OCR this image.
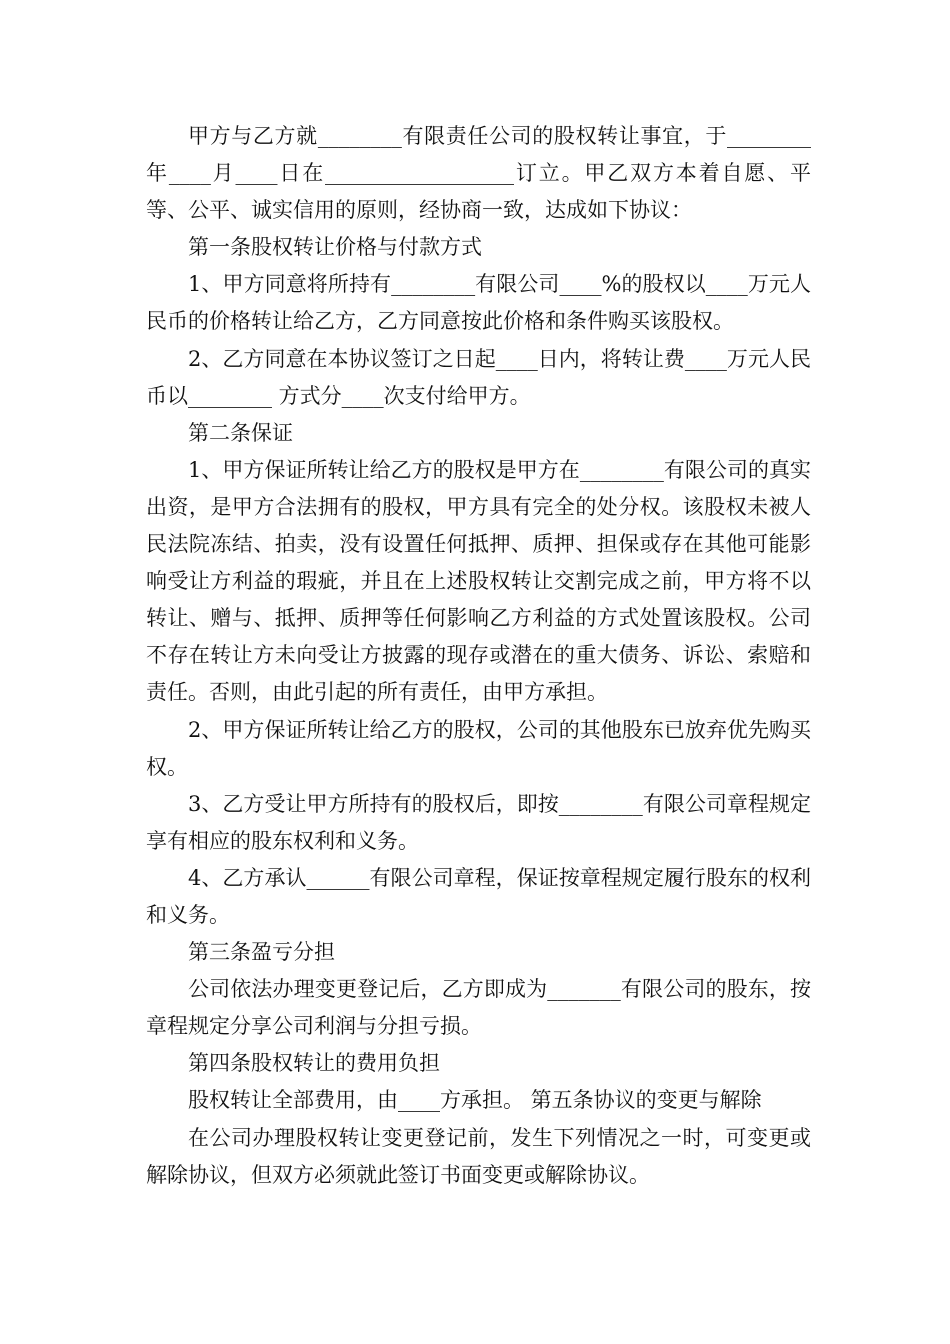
甲方与乙方就________有限责任公司的股权转让事宜，于________年____月____日在__________________订立。甲乙双方本着自愿、平等、公平、诚实信用的原则，经协商一致，达成如下协议：

第一条股权转让价格与付款方式

1、甲方同意将所持有________有限公司____%的股权以____万元人民币的价格转让给乙方，乙方同意按此价格和条件购买该股权。

2、乙方同意在本协议签订之日起____日内，将转让费____万元人民币以________ 方式分____次支付给甲方。

第二条保证

1、甲方保证所转让给乙方的股权是甲方在________有限公司的真实出资，是甲方合法拥有的股权，甲方具有完全的处分权。该股权未被人民法院冻结、拍卖，没有设置任何抵押、质押、担保或存在其他可能影响受让方利益的瑕疵，并且在上述股权转让交割完成之前，甲方将不以转让、赠与、抵押、质押等任何影响乙方利益的方式处置该股权。公司不存在转让方未向受让方披露的现存或潜在的重大债务、诉讼、索赔和责任。否则，由此引起的所有责任，由甲方承担。

2、甲方保证所转让给乙方的股权，公司的其他股东已放弃优先购买权。

3、乙方受让甲方所持有的股权后，即按________有限公司章程规定享有相应的股东权利和义务。

4、乙方承认______有限公司章程，保证按章程规定履行股东的权利和义务。

第三条盈亏分担

公司依法办理变更登记后，乙方即成为_______有限公司的股东，按章程规定分享公司利润与分担亏损。

第四条股权转让的费用负担

股权转让全部费用，由____方承担。 第五条协议的变更与解除

在公司办理股权转让变更登记前，发生下列情况之一时，可变更或解除协议，但双方必须就此签订书面变更或解除协议。
